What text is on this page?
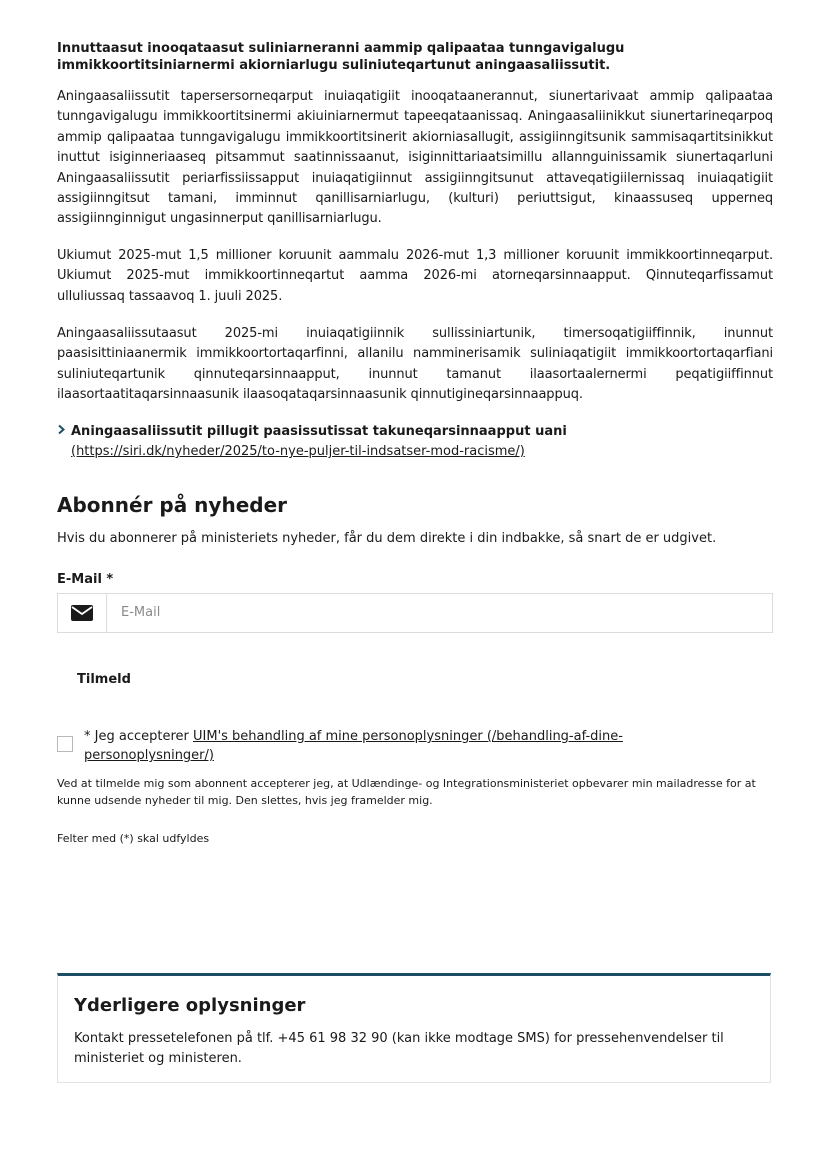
Innuttaasut inooqataasut suliniarneranni aammip qalipaataa tunngavigalugu immikkoortitsiniarnermi akiorniarlugu suliniuteqartunut aningaasaliissutit.

Aningaasaliissutit tapersersorneqarput inuiaqatigiit inooqataanerannut, siunertarivaat ammip qalipaataa tunngavigalugu immikkoortitsinermi akiuiniarnermut tapeeqataanissaq. Aningaasaliinikkut siunertarineqarpoq ammip qalipaataa tunngavigalugu immikkoortitsinerit akiorniasallugit, assigiinngitsunik sammisaqartitsinikkut inuttut isiginneriaaseq pitsammut saatinnissaanut, isiginnittariaatsimillu allannguinissamik siunertaqarluni Aningaasaliissutit periarfissiissapput inuiaqatigiinnut assigiinngitsunut attaveqatigiilernissaq inuiaqatigiit assigiinngitsut tamani, imminnut qanillisarniarlugu, (kulturi) periuttsigut, kinaassuseq upperneq assigiinnginnigut ungasinnerput qanillisarniarlugu.

Ukiumut 2025-mut 1,5 millioner koruunit aammalu 2026-mut 1,3 millioner koruunit immikkoortinneqarput. Ukiumut 2025-mut immikkoortinneqartut aamma 2026-mi atorneqarsinnaapput. Qinnuteqarfissamut ulluliussaq tassaavoq 1. juuli 2025.

Aningaasaliissutaasut 2025-mi inuiaqatigiinnik sullissiniartunik, timersoqatigiiffinnik, inunnut paasisittiniaanermik immikkoortortaqarfinni, allanilu namminerisamik suliniaqatigiit immikkoortortaqarfiani suliniuteqartunik qinnuteqarsinnaapput, inunnut tamanut ilaasortaalernermi peqatigiiffinnut ilaasortaatitaqarsinnaasunik ilaasoqataqarsinnaasunik qinnutigineqarsinnaappuq.

Aningaasaliissutit pillugit paasissutissat takuneqarsinnaapput uani (https://siri.dk/nyheder/2025/to-nye-puljer-til-indsatser-mod-racisme/)
Abonnér på nyheder

Hvis du abonnerer på ministeriets nyheder, får du dem direkte i din indbakke, så snart de er udgivet.

E-Mail *
E-Mail
Tilmeld
* Jeg accepterer UIM's behandling af mine personoplysninger (/behandling-af-dine-personoplysninger/)

Ved at tilmelde mig som abonnent accepterer jeg, at Udlændinge- og Integrationsministeriet opbevarer min mailadresse for at kunne udsende nyheder til mig. Den slettes, hvis jeg framelder mig.

Felter med (*) skal udfyldes

Yderligere oplysninger

Kontakt pressetelefonen på tlf. +45 61 98 32 90 (kan ikke modtage SMS) for pressehenvendelser til ministeriet og ministeren.
